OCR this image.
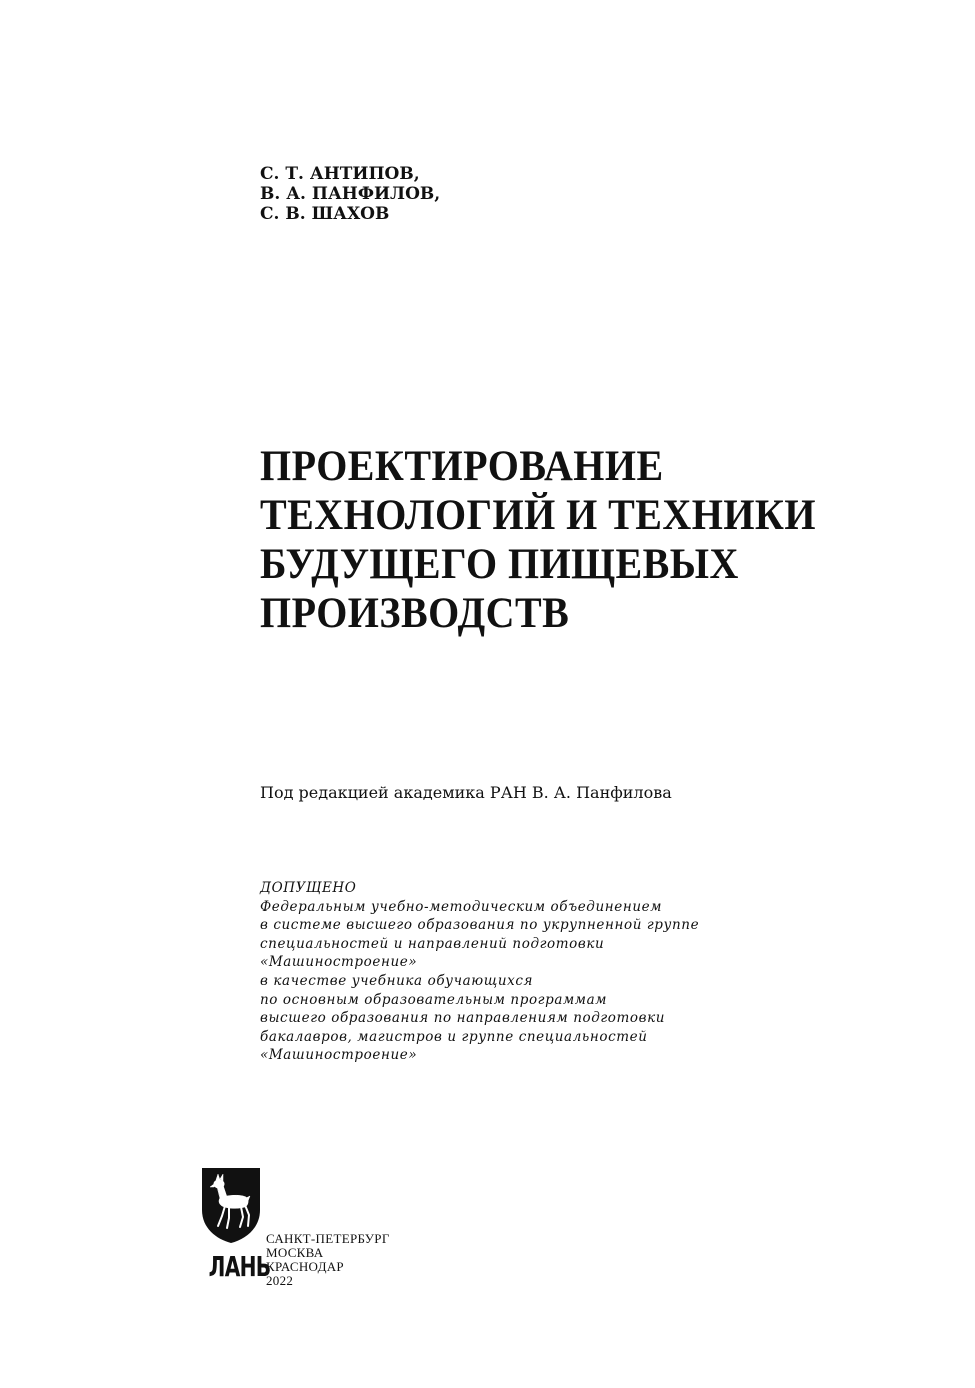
С. Т. АНТИПОВ,
В. А. ПАНФИЛОВ,
С. В. ШАХОВ
ПРОЕКТИРОВАНИЕ
ТЕХНОЛОГИЙ И ТЕХНИКИ
БУДУЩЕГО ПИЩЕВЫХ
ПРОИЗВОДСТВ
Под редакцией академика РАН В. А. Панфилова
ДОПУЩЕНО
Федеральным учебно-методическим объединением
в системе высшего образования по укрупненной группе
специальностей и направлений подготовки
«Машиностроение»
в качестве учебника обучающихся
по основным образовательным программам
высшего образования по направлениям подготовки
бакалавров, магистров и группе специальностей
«Машиностроение»
ЛАНЬ
САНКТ-ПЕТЕРБУРГ
МОСКВА
КРАСНОДАР
2022
